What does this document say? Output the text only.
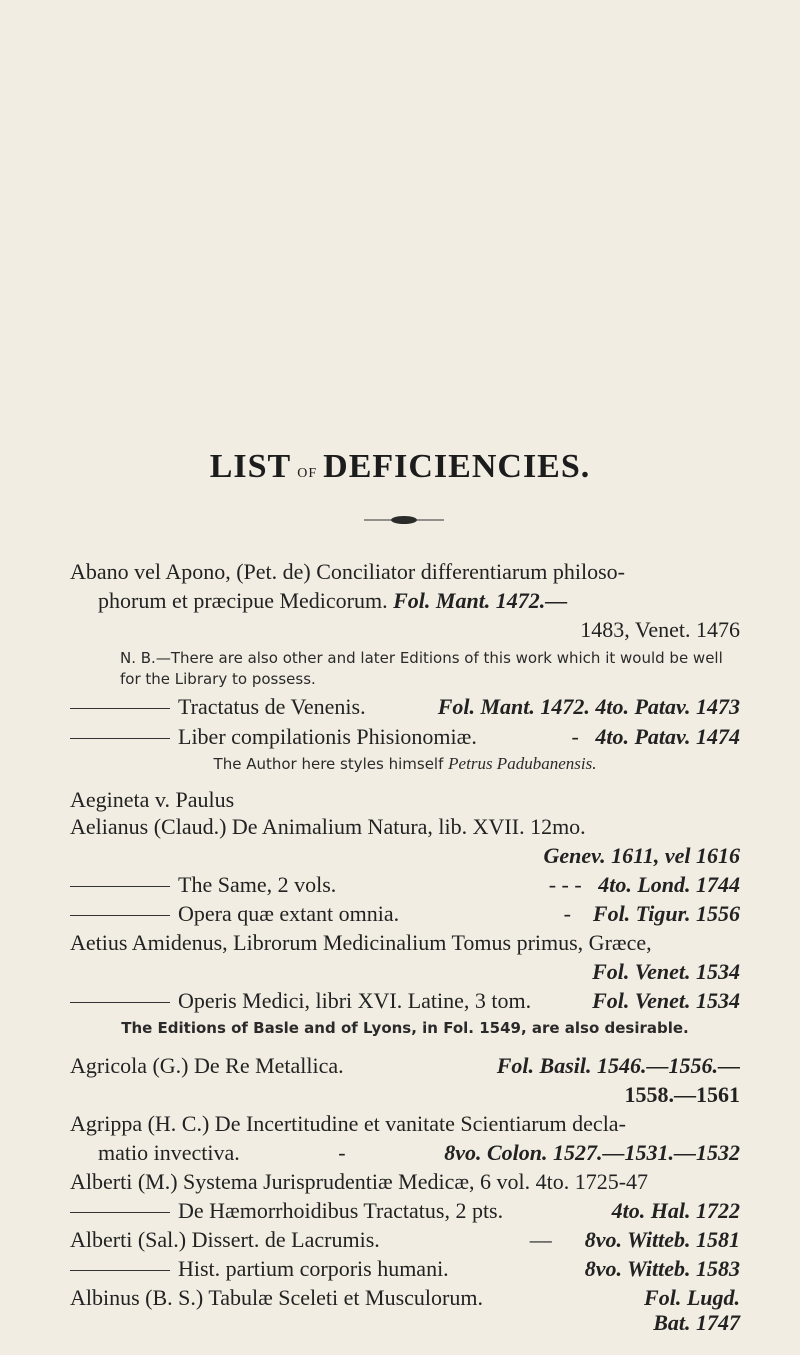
LIST of DEFICIENCIES.
Abano vel Apono, (Pet. de) Conciliator differentiarum philoso-
phorum et præcipue Medicorum. Fol. Mant. 1472.—
1483, Venet. 1476
N. B.—There are also other and later Editions of this work which it would be well for the Library to possess.
Tractatus de Venenis.	Fol. Mant. 1472. 4to. Patav. 1473
Liber compilationis Phisionomiæ.	- 4to. Patav. 1474
The Author here styles himself Petrus Padubanensis.
Aegineta v. Paulus
Aelianus (Claud.) De Animalium Natura, lib. XVII. 12mo.
Genev. 1611, vel 1616
The Same, 2 vols.	- - - 4to. Lond. 1744
Opera quæ extant omnia.	- Fol. Tigur. 1556
Aetius Amidenus, Librorum Medicinalium Tomus primus, Græce,
Fol. Venet. 1534
Operis Medici, libri XVI. Latine, 3 tom.	Fol. Venet. 1534
The Editions of Basle and of Lyons, in Fol. 1549, are also desirable.
Agricola (G.) De Re Metallica.	Fol. Basil. 1546.—1556.—
1558.—1561
Agrippa (H. C.) De Incertitudine et vanitate Scientiarum decla-
matio invectiva.	-	8vo. Colon. 1527.—1531.—1532
Alberti (M.) Systema Jurisprudentiæ Medicæ, 6 vol. 4to. 1725-47
De Hæmorrhoidibus Tractatus, 2 pts.	4to. Hal. 1722
Alberti (Sal.) Dissert. de Lacrumis.	— 8vo. Witteb. 1581
Hist. partium corporis humani.	8vo. Witteb. 1583
Albinus (B. S.) Tabulæ Sceleti et Musculorum.	Fol. Lugd.
Bat. 1747
